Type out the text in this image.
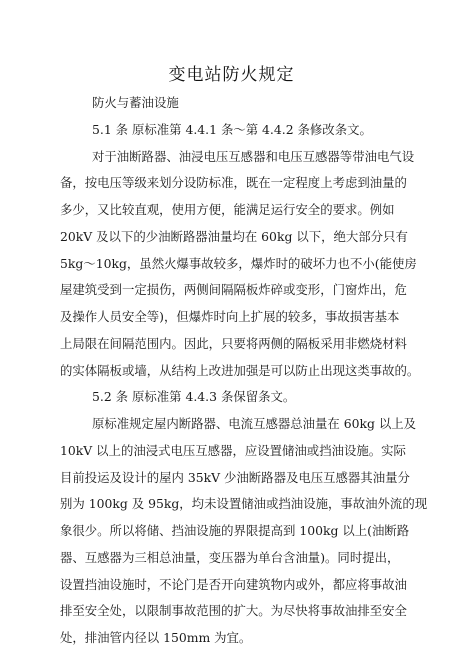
变电站防火规定
防火与蓄油设施
5.1 条 原标准第 4.4.1 条～第 4.4.2 条修改条文。
对于油断路器、油浸电压互感器和电压互感器等带油电气设
备，按电压等级来划分设防标准，既在一定程度上考虑到油量的
多少，又比较直观，使用方便，能满足运行安全的要求。例如
20kV 及以下的少油断路器油量均在 60kg 以下，绝大部分只有
5kg～10kg，虽然火爆事故较多，爆炸时的破坏力也不小(能使房
屋建筑受到一定损伤，两侧间隔隔板炸碎或变形，门窗炸出，危
及操作人员安全等)，但爆炸时向上扩展的较多，事故损害基本
上局限在间隔范围内。因此，只要将两侧的隔板采用非燃烧材料
的实体隔板或墙，从结构上改进加强是可以防止出现这类事故的。
5.2 条 原标准第 4.4.3 条保留条文。
原标准规定屋内断路器、电流互感器总油量在 60kg 以上及
10kV 以上的油浸式电压互感器，应设置储油或挡油设施。实际
目前投运及设计的屋内 35kV 少油断路器及电压互感器其油量分
别为 100kg 及 95kg，均未设置储油或挡油设施，事故油外流的现
象很少。所以将储、挡油设施的界限提高到 100kg 以上(油断路
器、互感器为三相总油量，变压器为单台含油量)。同时提出，
设置挡油设施时，不论门是否开向建筑物内或外，都应将事故油
排至安全处，以限制事故范围的扩大。为尽快将事故油排至安全
处，排油管内径以 150mm 为宜。
